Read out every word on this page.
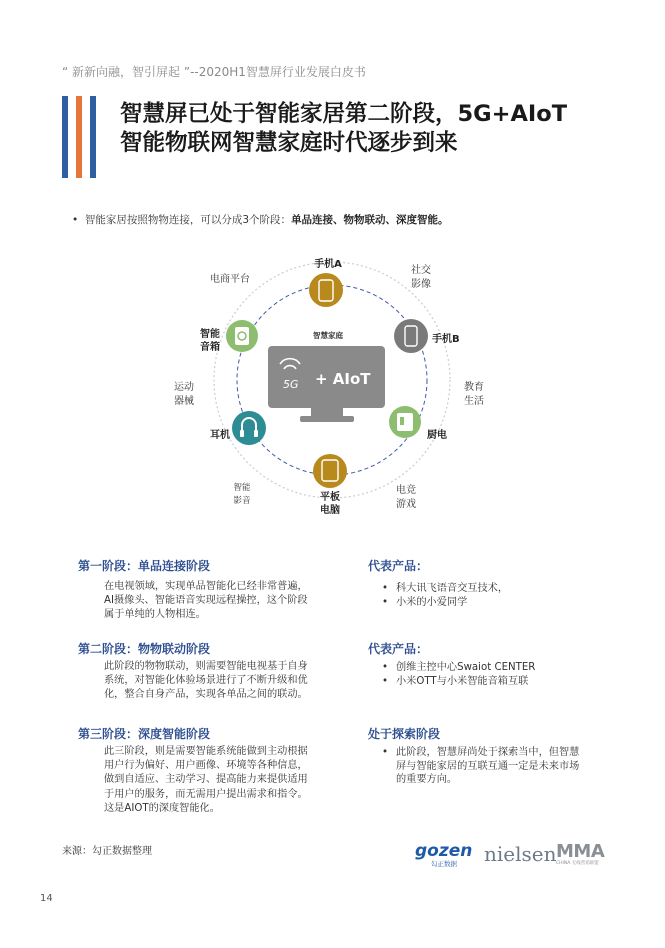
“ 新新向融，智引屏起 ”--2020H1智慧屏行业发展白皮书
智慧屏已处于智能家居第二阶段，5G+AIoT
智能物联网智慧家庭时代逐步到来
•  智能家居按照物物连接，可以分成3个阶段：单品连接、物物联动、深度智能。
智慧家庭
5G + AIoT
手机A
手机B
智能
音箱
耳机	厨电
平板
电脑
电商平台
社交
影像
运动
器械
教育
生活
智能
影音
电竞
游戏
第一阶段：单品连接阶段
在电视领域，实现单品智能化已经非常普遍，AI摄像头、智能语音实现远程操控，这个阶段属于单纯的人物相连。
第二阶段：物物联动阶段
此阶段的物物联动，则需要智能电视基于自身系统，对智能化体验场景进行了不断升级和优化，整合自身产品，实现各单品之间的联动。
第三阶段：深度智能阶段
此三阶段，则是需要智能系统能做到主动根据用户行为偏好、用户画像、环境等各种信息，做到自适应、主动学习、提高能力来提供适用于用户的服务，而无需用户提出需求和指令。这是AIOT的深度智能化。
代表产品：
• 科大讯飞语音交互技术，
• 小米的小爱同学
代表产品：
• 创维主控中心Swaiot CENTER
• 小米OTT与小米智能音箱互联
处于探索阶段
• 此阶段，智慧屏尚处于探索当中，但智慧屏与智能家居的互联互通一定是未来市场的重要方向。
来源：勾正数据整理	gozen
勾正数据	nielsen MMA
CHINA 无线营销联盟
14
